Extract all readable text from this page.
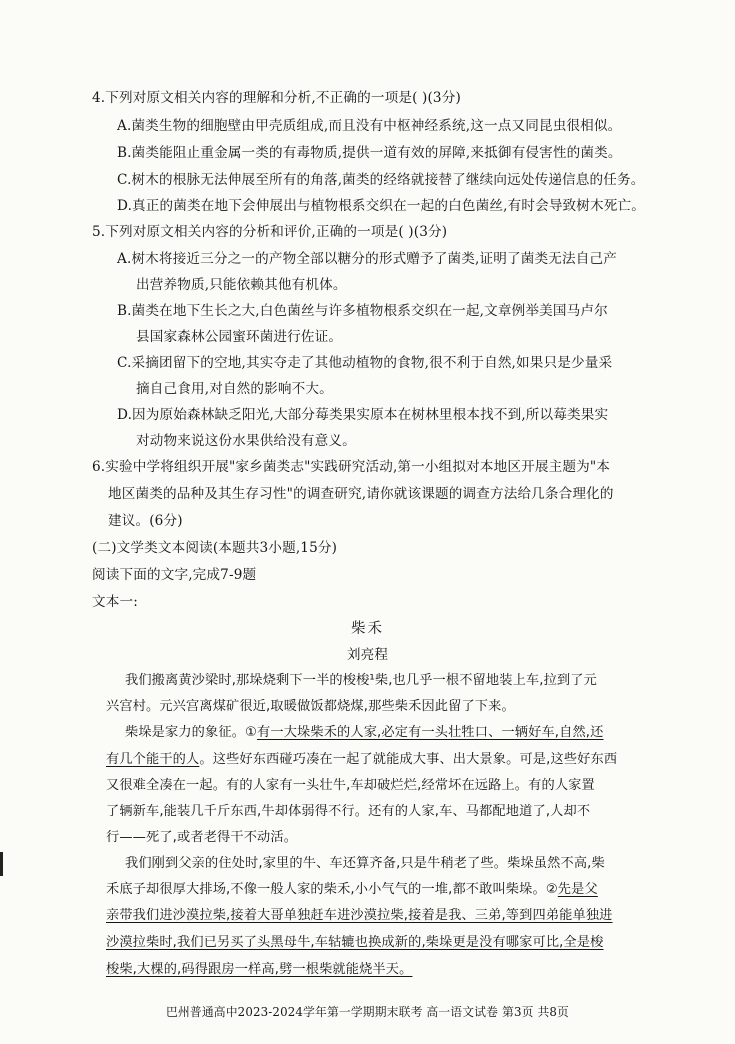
4.下列对原文相关内容的理解和分析,不正确的一项是( )(3分)
A.菌类生物的细胞壁由甲壳质组成,而且没有中枢神经系统,这一点又同昆虫很相似。
B.菌类能阻止重金属一类的有毒物质,提供一道有效的屏障,来抵御有侵害性的菌类。
C.树木的根脉无法伸展至所有的角落,菌类的经络就接替了继续向远处传递信息的任务。
D.真正的菌类在地下会伸展出与植物根系交织在一起的白色菌丝,有时会导致树木死亡。
5.下列对原文相关内容的分析和评价,正确的一项是( )(3分)
A.树木将接近三分之一的产物全部以糖分的形式赠予了菌类,证明了菌类无法自己产
出营养物质,只能依赖其他有机体。
B.菌类在地下生长之大,白色菌丝与许多植物根系交织在一起,文章例举美国马卢尔
县国家森林公园蜜环菌进行佐证。
C.采摘团留下的空地,其实夺走了其他动植物的食物,很不利于自然,如果只是少量采
摘自己食用,对自然的影响不大。
D.因为原始森林缺乏阳光,大部分莓类果实原本在树林里根本找不到,所以莓类果实
对动物来说这份水果供给没有意义。
6.实验中学将组织开展"家乡菌类志"实践研究活动,第一小组拟对本地区开展主题为"本
地区菌类的品种及其生存习性"的调查研究,请你就该课题的调查方法给几条合理化的
建议。(6分)
(二)文学类文本阅读(本题共3小题,15分)
阅读下面的文字,完成7-9题
文本一:
柴禾
刘亮程
我们搬离黄沙梁时,那垛烧剩下一半的梭梭¹柴,也几乎一根不留地装上车,拉到了元
兴宫村。元兴宫离煤矿很近,取暖做饭都烧煤,那些柴禾因此留了下来。
柴垛是家力的象征。①有一大垛柴禾的人家,必定有一头壮牲口、一辆好车,自然,还
有几个能干的人。这些好东西碰巧凑在一起了就能成大事、出大景象。可是,这些好东西
又很难全凑在一起。有的人家有一头壮牛,车却破烂烂,经常坏在远路上。有的人家置
了辆新车,能装几千斤东西,牛却体弱得不行。还有的人家,车、马都配地道了,人却不
行——死了,或者老得干不动活。
我们刚到父亲的住处时,家里的牛、车还算齐备,只是牛稍老了些。柴垛虽然不高,柴
禾底子却很厚大排场,不像一般人家的柴禾,小小气气的一堆,都不敢叫柴垛。②先是父
亲带我们进沙漠拉柴,接着大哥单独赶车进沙漠拉柴,接着是我、三弟,等到四弟能单独进
沙漠拉柴时,我们已另买了头黑母牛,车轱辘也换成新的,柴垛更是没有哪家可比,全是梭
梭柴,大棵的,码得跟房一样高,劈一根柴就能烧半天。
巴州普通高中2023-2024学年第一学期期末联考 高一语文试卷 第3页 共8页
